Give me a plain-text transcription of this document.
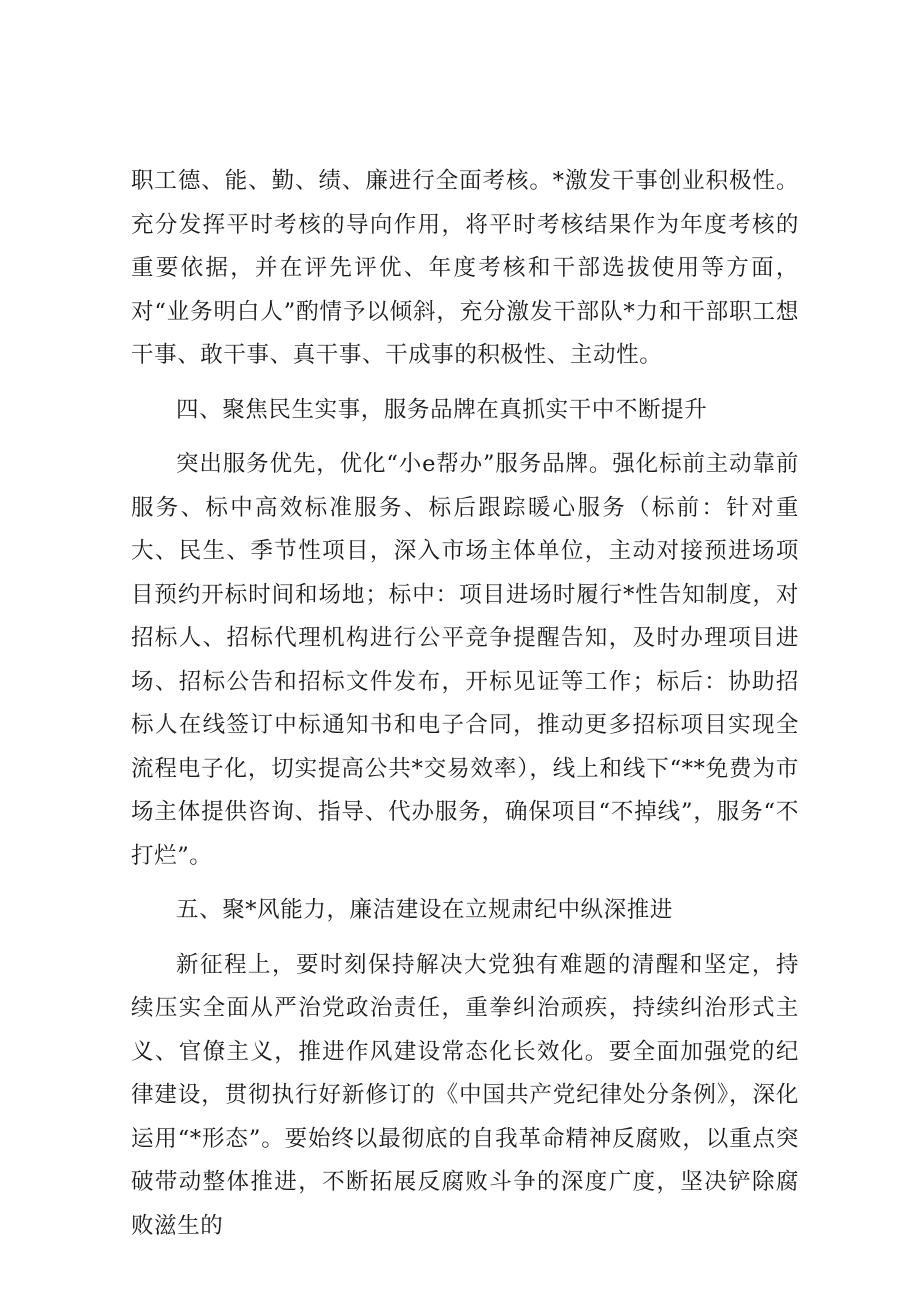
职工德、能、勤、绩、廉进行全面考核。*激发干事创业积极性。充分发挥平时考核的导向作用，将平时考核结果作为年度考核的重要依据，并在评先评优、年度考核和干部选拔使用等方面，对“业务明白人”酌情予以倾斜，充分激发干部队*力和干部职工想干事、敢干事、真干事、干成事的积极性、主动性。

四、聚焦民生实事，服务品牌在真抓实干中不断提升

突出服务优先，优化“小e帮办”服务品牌。强化标前主动靠前服务、标中高效标准服务、标后跟踪暖心服务（标前：针对重大、民生、季节性项目，深入市场主体单位，主动对接预进场项目预约开标时间和场地；标中：项目进场时履行*性告知制度，对招标人、招标代理机构进行公平竞争提醒告知，及时办理项目进场、招标公告和招标文件发布，开标见证等工作；标后：协助招标人在线签订中标通知书和电子合同，推动更多招标项目实现全流程电子化，切实提高公共*交易效率），线上和线下“**免费为市场主体提供咨询、指导、代办服务，确保项目“不掉线”，服务“不打烂”。

五、聚*风能力，廉洁建设在立规肃纪中纵深推进

新征程上，要时刻保持解决大党独有难题的清醒和坚定，持续压实全面从严治党政治责任，重拳纠治顽疾，持续纠治形式主义、官僚主义，推进作风建设常态化长效化。要全面加强党的纪律建设，贯彻执行好新修订的《中国共产党纪律处分条例》，深化运用“*形态”。要始终以最彻底的自我革命精神反腐败，以重点突破带动整体推进，不断拓展反腐败斗争的深度广度，坚决铲除腐败滋生的
